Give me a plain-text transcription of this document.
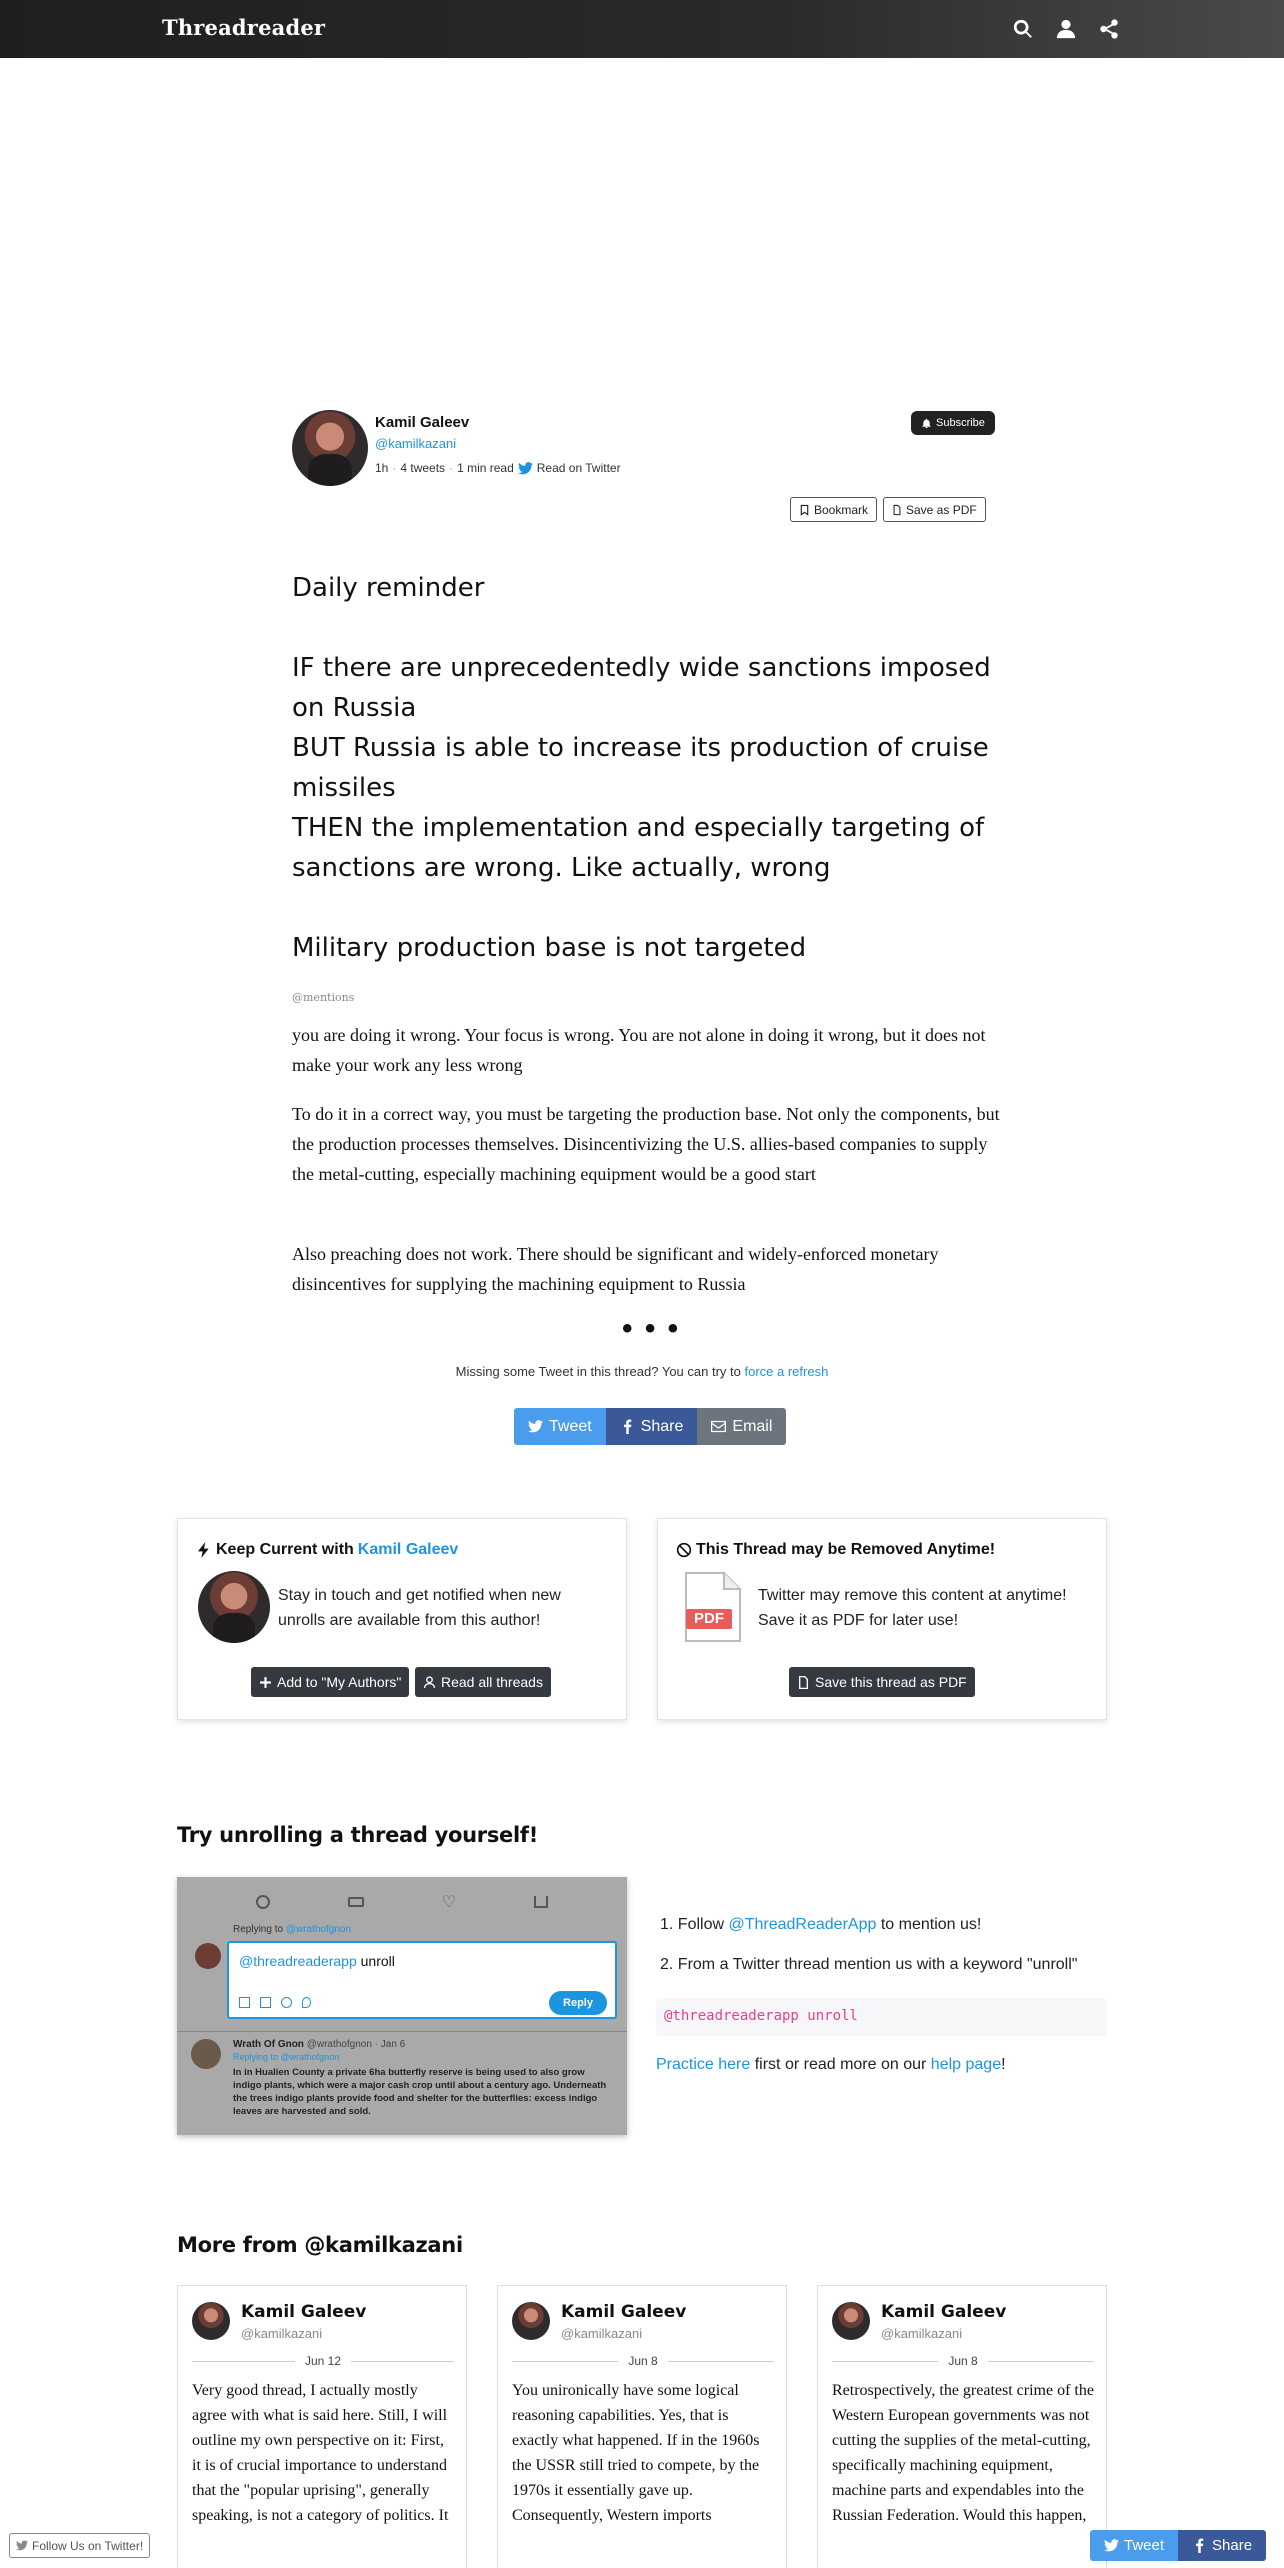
Threadreader
Kamil Galeev
@kamilkazani
1h · 4 tweets · 1 min read Read on Twitter
Subscribe
Bookmark	Save as PDF
Daily reminder
IF there are unprecedentedly wide sanctions imposed on Russia
BUT Russia is able to increase its production of cruise missiles
THEN the implementation and especially targeting of sanctions are wrong. Like actually, wrong
Military production base is not targeted
@mentions
you are doing it wrong. Your focus is wrong. You are not alone in doing it wrong, but it does not make your work any less wrong
To do it in a correct way, you must be targeting the production base. Not only the components, but the production processes themselves. Disincentivizing the U.S. allies-based companies to supply the metal-cutting, especially machining equipment would be a good start
Also preaching does not work. There should be significant and widely-enforced monetary disincentives for supplying the machining equipment to Russia
• • •
Missing some Tweet in this thread? You can try to force a refresh
Tweet	Share	Email
Keep Current with Kamil Galeev
Stay in touch and get notified when new unrolls are available from this author!
Add to "My Authors"	Read all threads
This Thread may be Removed Anytime!
PDF
Twitter may remove this content at anytime! Save it as PDF for later use!
Save this thread as PDF
Try unrolling a thread yourself!
♡
Replying to @wrathofgnon
@threadreaderapp unroll
Reply
Wrath Of Gnon @wrathofgnon · Jan 6
Replying to @wrathofgnon
In in Hualien County a private 6ha butterfly reserve is being used to also grow indigo plants, which were a major cash crop until about a century ago. Underneath the trees indigo plants provide food and shelter for the butterflies: excess indigo leaves are harvested and sold.
1. Follow @ThreadReaderApp to mention us!
2. From a Twitter thread mention us with a keyword "unroll"
@threadreaderapp unroll
Practice here first or read more on our help page!
More from @kamilkazani
Kamil Galeev
@kamilkazani
Jun 12
Very good thread, I actually mostly agree with what is said here. Still, I will outline my own perspective on it: First, it is of crucial importance to understand that the "popular uprising", generally speaking, is not a category of politics. It
Kamil Galeev
@kamilkazani
Jun 8
You unironically have some logical reasoning capabilities. Yes, that is exactly what happened. If in the 1960s the USSR still tried to compete, by the 1970s it essentially gave up. Consequently, Western imports
Kamil Galeev
@kamilkazani
Jun 8
Retrospectively, the greatest crime of the Western European governments was not cutting the supplies of the metal-cutting, specifically machining equipment, machine parts and expendables into the Russian Federation. Would this happen,
Follow Us on Twitter!	Tweet	Share
